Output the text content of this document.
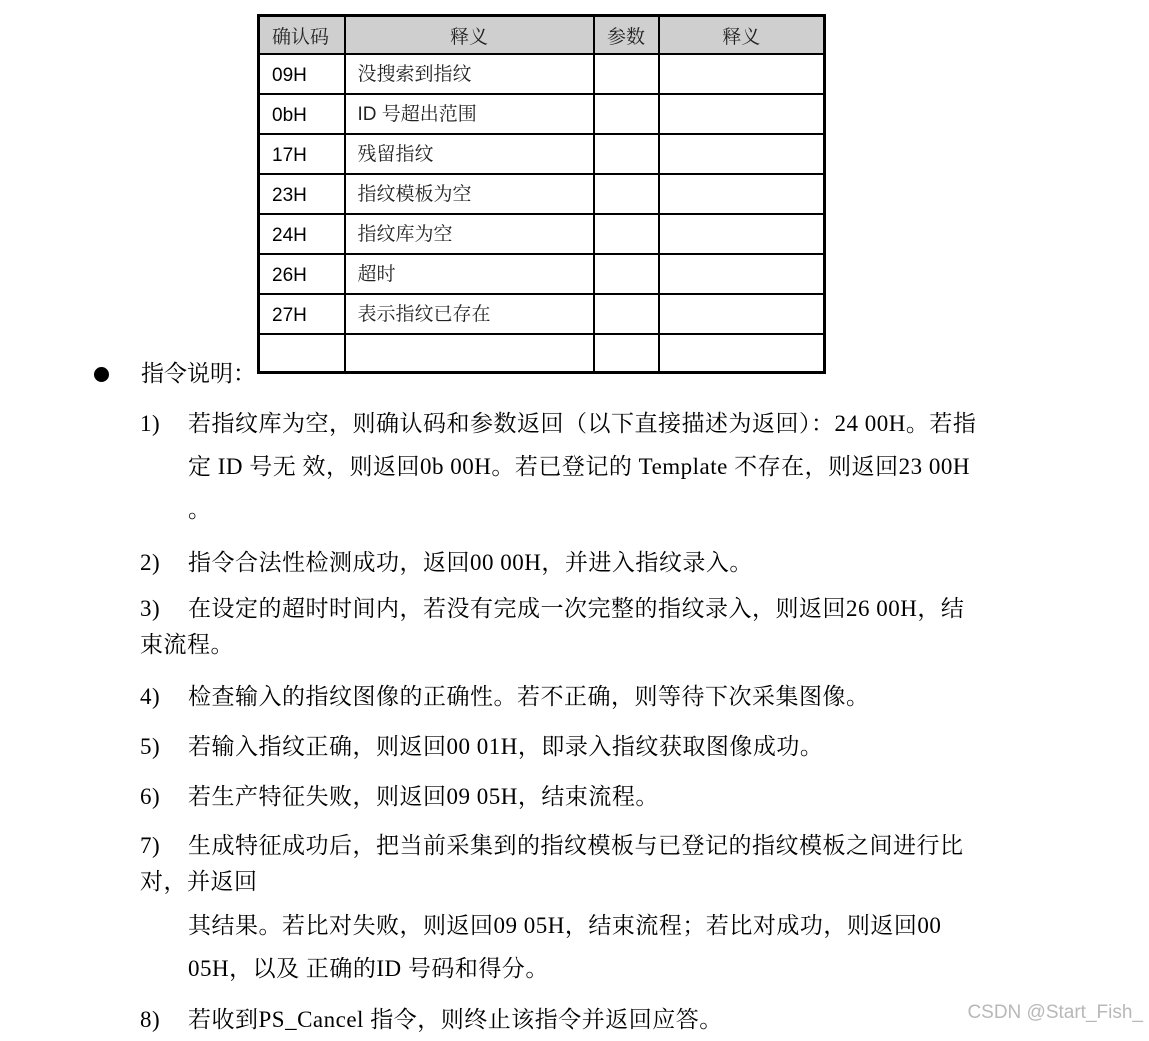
确认码	释义	参数	释义
09H	没搜索到指纹		
0bH	ID 号超出范围		
17H	残留指纹		
23H	指纹模板为空		
24H	指纹库为空		
26H	超时		
27H	表示指纹已存在		

指令说明：
1) 若指纹库为空，则确认码和参数返回（以下直接描述为返回）：24 00H。若指
定 ID 号无 效，则返回0b 00H。若已登记的 Template 不存在，则返回23 00H
。
2) 指令合法性检测成功，返回00 00H，并进入指纹录入。
3) 在设定的超时时间内，若没有完成一次完整的指纹录入，则返回26 00H，结
束流程。
4) 检查输入的指纹图像的正确性。若不正确，则等待下次采集图像。
5) 若输入指纹正确，则返回00 01H，即录入指纹获取图像成功。
6) 若生产特征失败，则返回09 05H，结束流程。
7) 生成特征成功后，把当前采集到的指纹模板与已登记的指纹模板之间进行比
对，并返回
其结果。若比对失败，则返回09 05H，结束流程；若比对成功，则返回00
05H，以及 正确的ID 号码和得分。
8) 若收到PS_Cancel 指令，则终止该指令并返回应答。	CSDN @Start_Fish_
